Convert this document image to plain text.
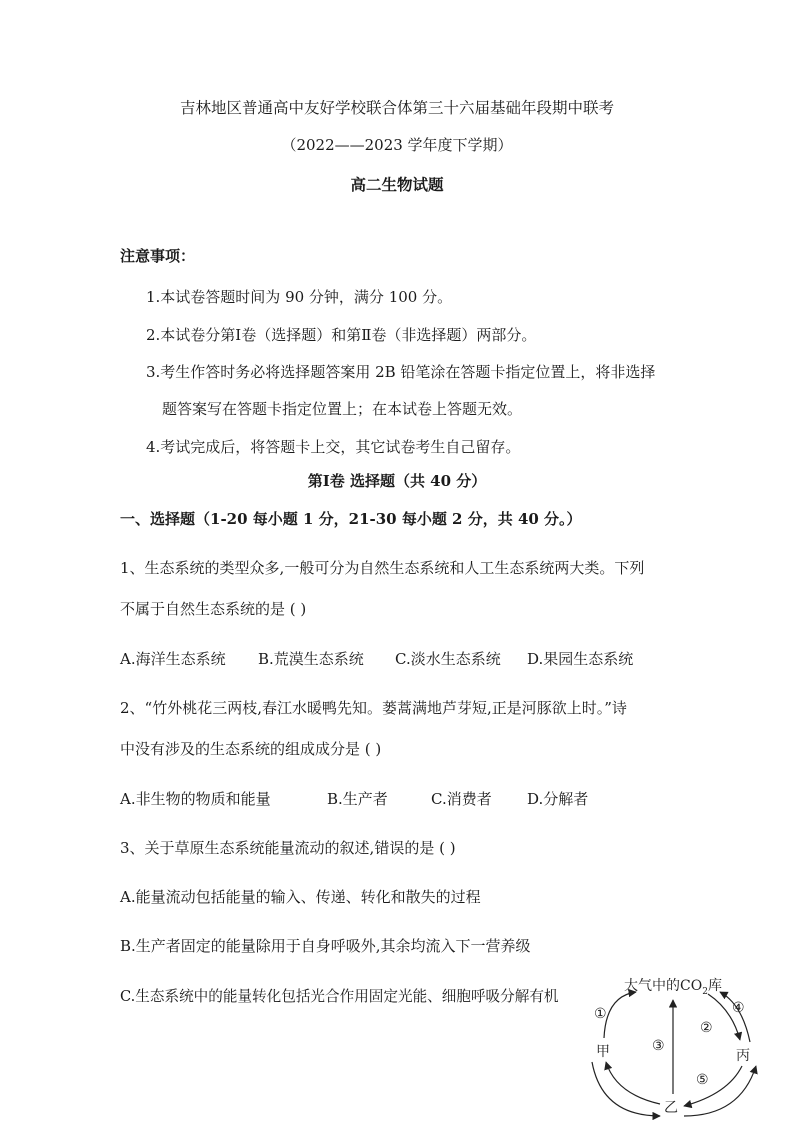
吉林地区普通高中友好学校联合体第三十六届基础年段期中联考
（2022——2023 学年度下学期）
高二生物试题
注意事项：
1.本试卷答题时间为 90 分钟，满分 100 分。
2.本试卷分第Ⅰ卷（选择题）和第Ⅱ卷（非选择题）两部分。
3.考生作答时务必将选择题答案用 2B 铅笔涂在答题卡指定位置上，将非选择
题答案写在答题卡指定位置上；在本试卷上答题无效。
4.考试完成后，将答题卡上交，其它试卷考生自己留存。
第Ⅰ卷 选择题（共 40 分）
一、选择题（1-20 每小题 1 分，21-30 每小题 2 分，共 40 分。）
1、生态系统的类型众多,一般可分为自然生态系统和人工生态系统两大类。下列
不属于自然生态系统的是 ( )
A.海洋生态系统 B.荒漠生态系统 C.淡水生态系统 D.果园生态系统
2、“竹外桃花三两枝,春江水暖鸭先知。蒌蒿满地芦芽短,正是河豚欲上时。”诗
中没有涉及的生态系统的组成成分是 ( )
A.非生物的物质和能量	B.生产者	C.消费者 D.分解者
3、关于草原生态系统能量流动的叙述,错误的是 ( )
A.能量流动包括能量的输入、传递、转化和散失的过程
B.生产者固定的能量除用于自身呼吸外,其余均流入下一营养级
C.生态系统中的能量转化包括光合作用固定光能、细胞呼吸分解有机
大气中的$CO_2$库
甲	丙
乙
①
②
③
④
⑤
